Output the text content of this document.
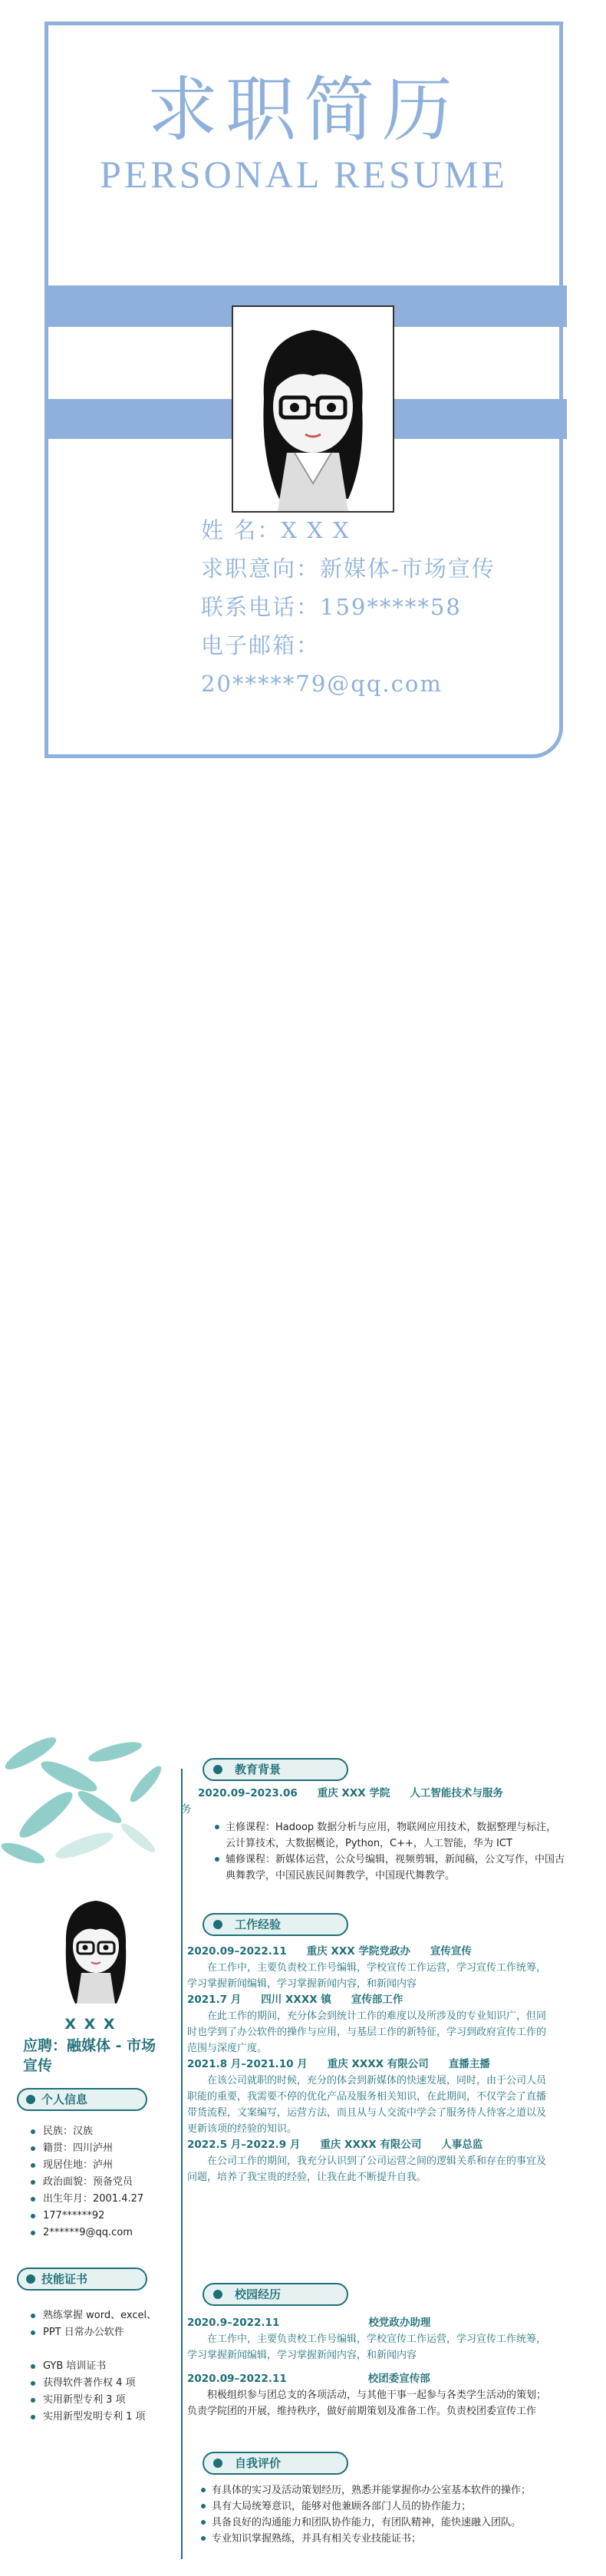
求职简历
PERSONAL RESUME
姓 名：X X X
求职意向：新媒体-市场宣传
联系电话：159*****58
电子邮箱：
20*****79@qq.com
X X X
应聘：融媒体 - 市场宣传
个人信息
民族：汉族
籍贯：四川泸州
现居住地：泸州
政治面貌：预备党员
出生年月：2001.4.27
177******92
2******9@qq.com
技能证书
熟练掌握 word、excel、
PPT 日常办公软件
GYB 培训证书
获得软件著作权 4 项
实用新型专利 3 项
实用新型发明专利 1 项
教育背景
2020.09–2023.06 重庆 XXX 学院 人工智能技术与服务
务
主修课程：Hadoop 数据分析与应用，物联网应用技术，数据整理与标注，云计算技术，大数据概论，Python，C++，人工智能，华为 ICT
辅修课程：新媒体运营，公众号编辑，视频剪辑，新闻稿，公文写作，中国古典舞教学，中国民族民间舞教学，中国现代舞教学。
工作经验
2020.09–2022.11 重庆 XXX 学院党政办 宣传宣传
在工作中，主要负责校工作号编辑，学校宣传工作运营，学习宣传工作统筹，学习掌握新闻编辑，学习掌握新闻内容，和新闻内容
2021.7 月 四川 XXXX 镇 宣传部工作
在此工作的期间，充分体会到统计工作的难度以及所涉及的专业知识广，但同时也学到了办公软件的操作与应用，与基层工作的新特征，学习到政府宣传工作的范围与深度广度。
2021.8 月–2021.10 月 重庆 XXXX 有限公司 直播主播
在该公司就职的时候，充分的体会到新媒体的快速发展，同时，由于公司人员职能的重要，我需要不停的优化产品及服务相关知识，在此期间，不仅学会了直播带货流程，文案编写，运营方法，而且从与人交流中学会了服务待人待客之道以及更新该项的经验的知识。
2022.5 月–2022.9 月 重庆 XXXX 有限公司 人事总监
在公司工作的期间，我充分认识到了公司运营之间的逻辑关系和存在的事宜及问题，培养了我宝贵的经验，让我在此不断提升自我。
校园经历
2020.9–2022.11	校党政办助理
在工作中，主要负责校工作号编辑，学校宣传工作运营，学习宣传工作统筹，学习掌握新闻编辑，学习掌握新闻内容，和新闻内容
2020.09–2022.11	校团委宣传部
积极组织参与团总支的各项活动，与其他干事一起参与各类学生活动的策划；负责学院团的开展，维持秩序，做好前期策划及准备工作。负责校团委宣传工作
自我评价
有具体的实习及活动策划经历，熟悉并能掌握你办公室基本软件的操作；
具有大局统筹意识，能够对他兼顾各部门人员的协作能力；
具备良好的沟通能力和团队协作能力，有团队精神，能快速融入团队。
专业知识掌握熟练，并具有相关专业技能证书；
